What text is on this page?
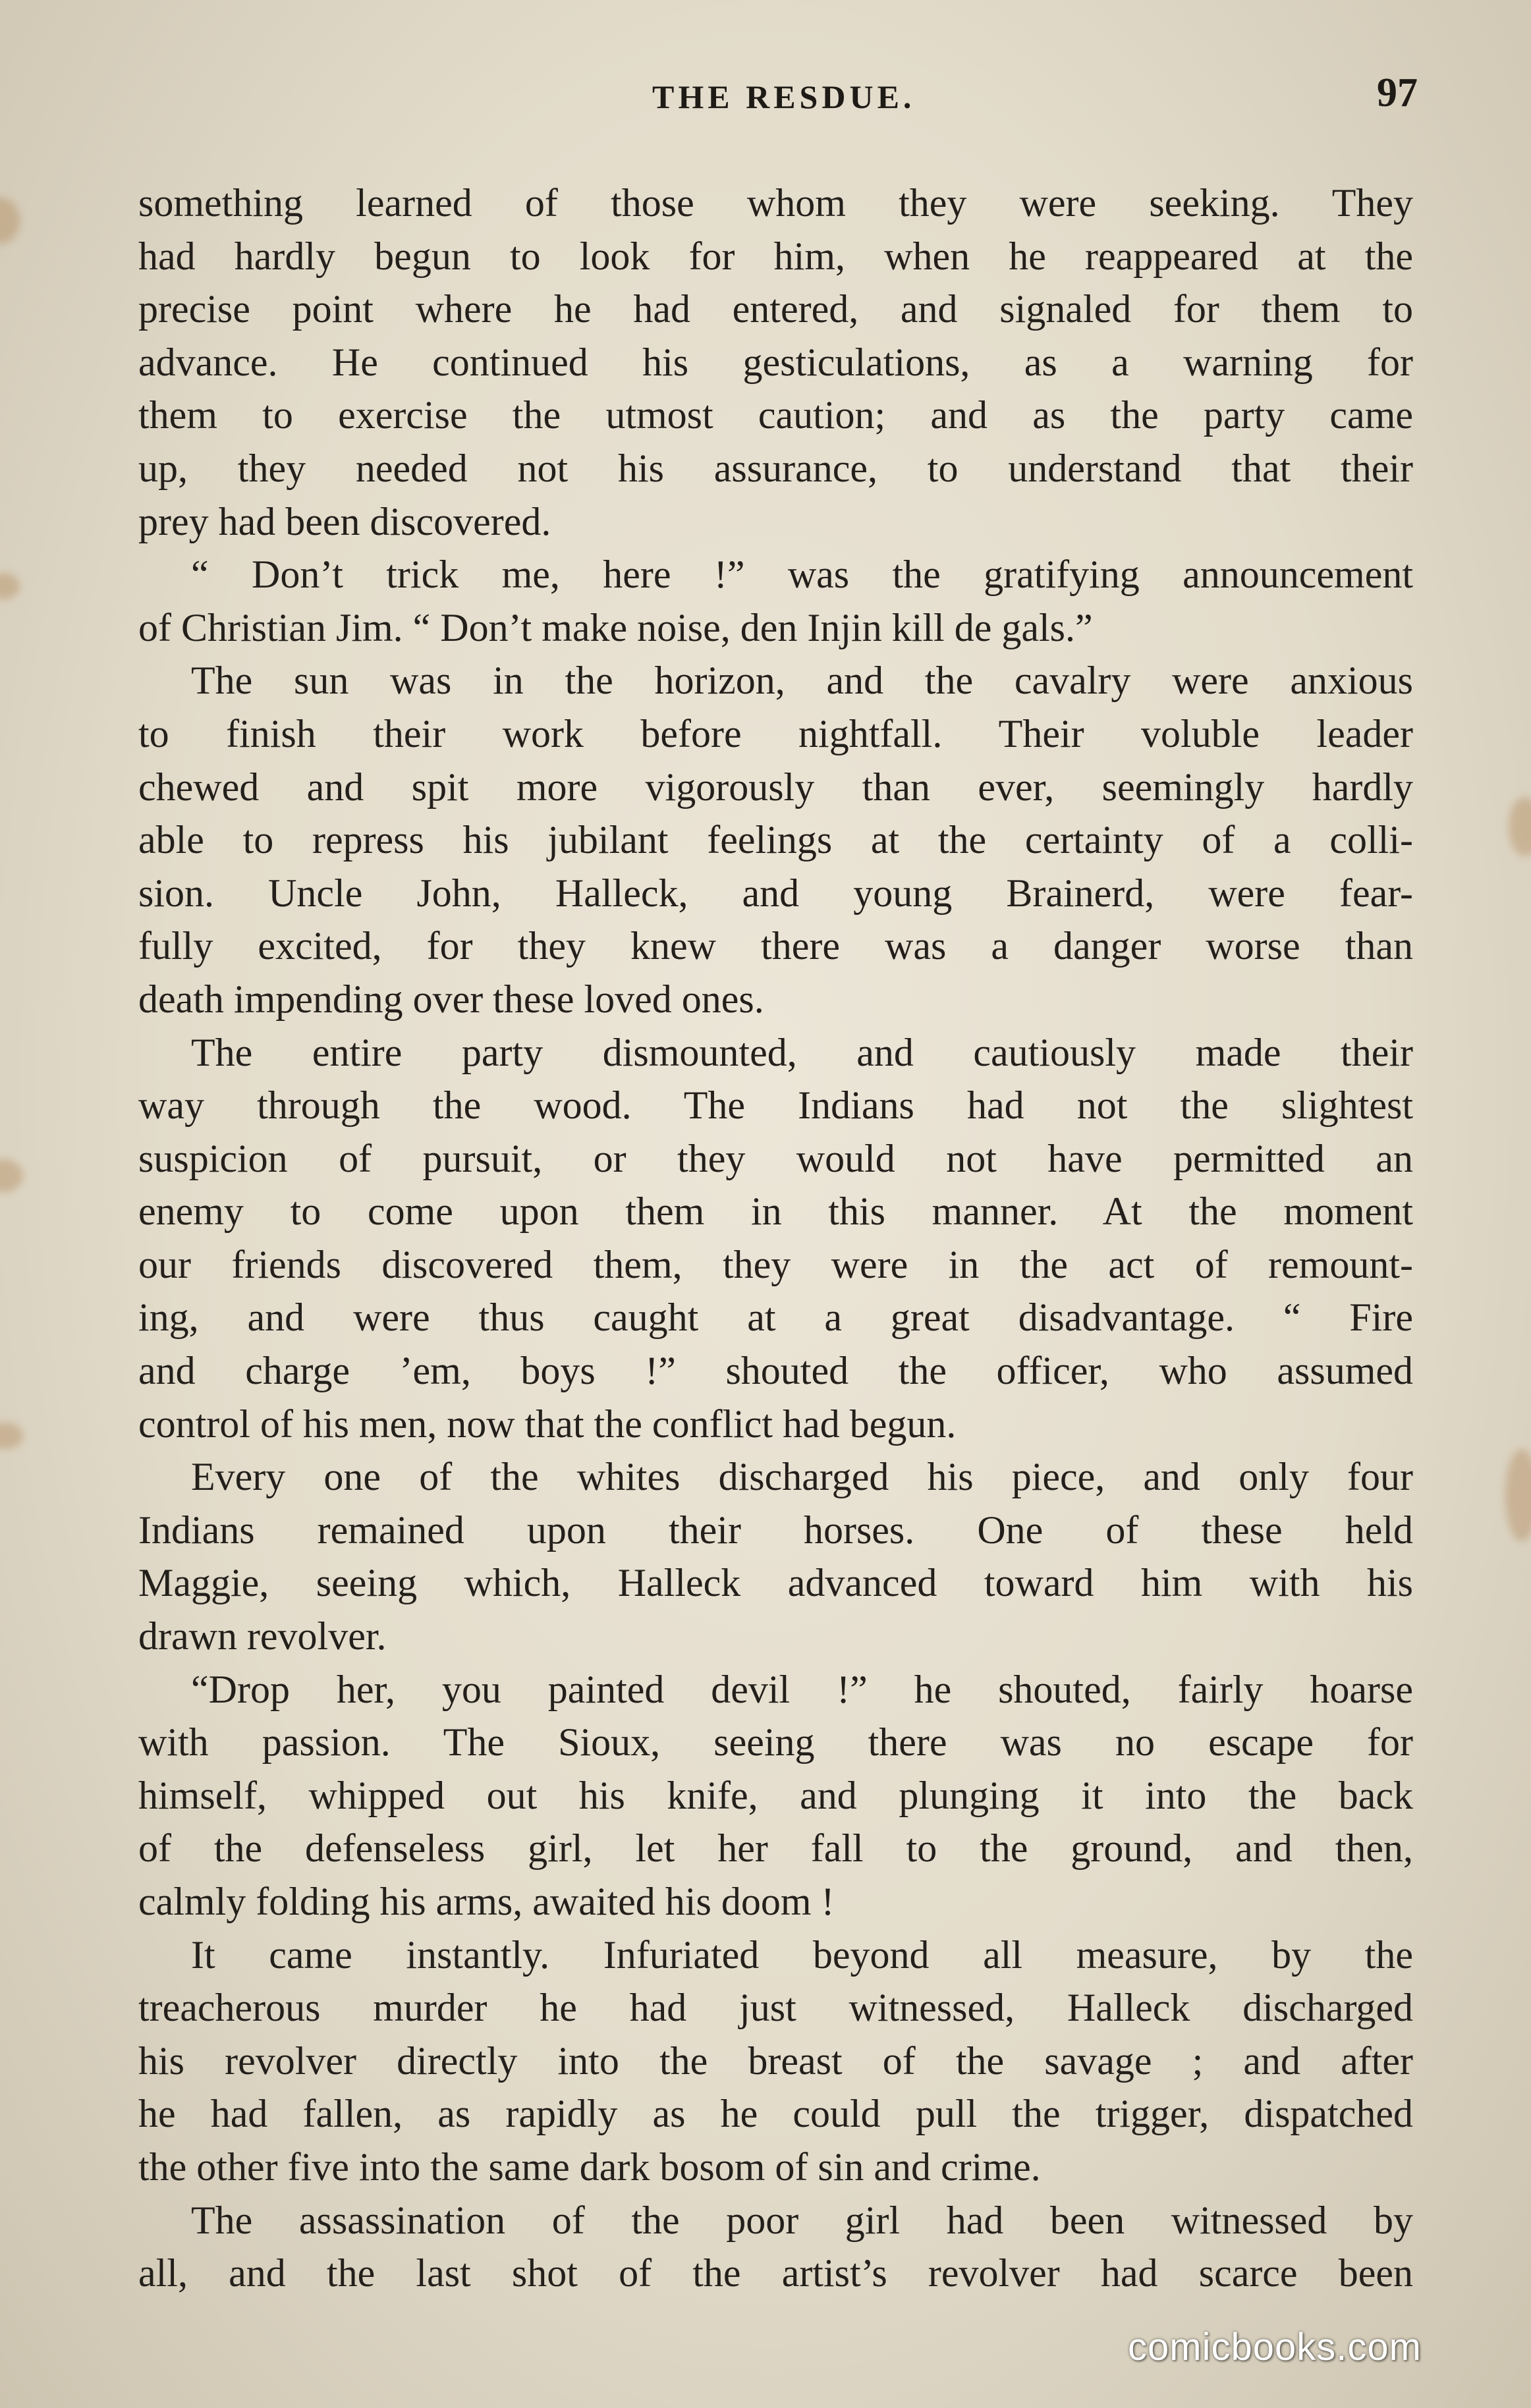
THE RESDUE.	97
something learned of those whom they were seeking. They
had hardly begun to look for him, when he reappeared at the
precise point where he had entered, and signaled for them to
advance. He continued his gesticulations, as a warning for
them to exercise the utmost caution; and as the party came
up, they needed not his assurance, to understand that their
prey had been discovered.
“ Don’t trick me, here !” was the gratifying announcement
of Christian Jim. “ Don’t make noise, den Injin kill de gals.”
The sun was in the horizon, and the cavalry were anxious
to finish their work before nightfall. Their voluble leader
chewed and spit more vigorously than ever, seemingly hardly
able to repress his jubilant feelings at the certainty of a colli-
sion. Uncle John, Halleck, and young Brainerd, were fear-
fully excited, for they knew there was a danger worse than
death impending over these loved ones.
The entire party dismounted, and cautiously made their
way through the wood. The Indians had not the slightest
suspicion of pursuit, or they would not have permitted an
enemy to come upon them in this manner. At the moment
our friends discovered them, they were in the act of remount-
ing, and were thus caught at a great disadvantage. “ Fire
and charge ’em, boys !” shouted the officer, who assumed
control of his men, now that the conflict had begun.
Every one of the whites discharged his piece, and only four
Indians remained upon their horses. One of these held
Maggie, seeing which, Halleck advanced toward him with his
drawn revolver.
“Drop her, you painted devil !” he shouted, fairly hoarse
with passion. The Sioux, seeing there was no escape for
himself, whipped out his knife, and plunging it into the back
of the defenseless girl, let her fall to the ground, and then,
calmly folding his arms, awaited his doom !
It came instantly. Infuriated beyond all measure, by the
treacherous murder he had just witnessed, Halleck discharged
his revolver directly into the breast of the savage ; and after
he had fallen, as rapidly as he could pull the trigger, dispatched
the other five into the same dark bosom of sin and crime.
The assassination of the poor girl had been witnessed by
all, and the last shot of the artist’s revolver had scarce been
comicbooks.com
